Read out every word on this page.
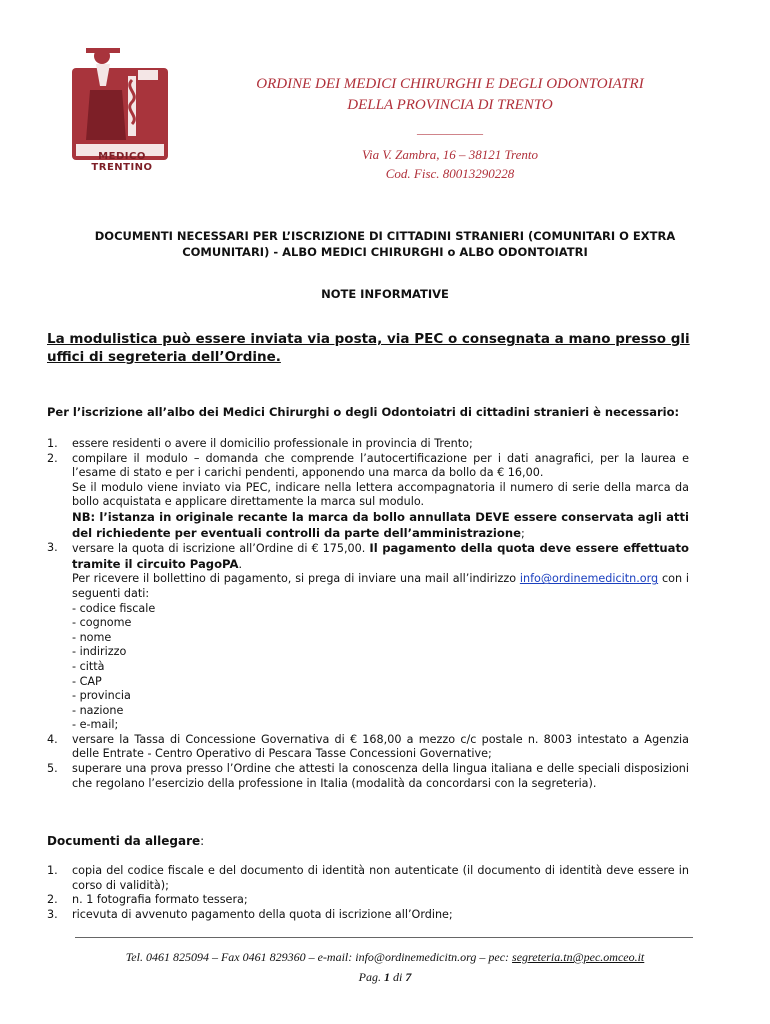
MEDICO TRENTINO
ORDINE DEI MEDICI CHIRURGHI E DEGLI ODONTOIATRI
DELLA PROVINCIA DI TRENTO
___________
Via V. Zambra, 16 – 38121 Trento
Cod. Fisc. 80013290228
DOCUMENTI NECESSARI PER L’ISCRIZIONE DI CITTADINI STRANIERI (COMUNITARI O EXTRA
COMUNITARI) - ALBO MEDICI CHIRURGHI o ALBO ODONTOIATRI
NOTE INFORMATIVE
La modulistica può essere inviata via posta, via PEC o consegnata a mano presso gli uffici di segreteria dell’Ordine.
Per l’iscrizione all’albo dei Medici Chirurghi o degli Odontoiatri di cittadini stranieri è necessario:
1. essere residenti o avere il domicilio professionale in provincia di Trento;
2. compilare il modulo – domanda che comprende l’autocertificazione per i dati anagrafici, per la laurea e l’esame di stato e per i carichi pendenti, apponendo una marca da bollo da € 16,00.
Se il modulo viene inviato via PEC, indicare nella lettera accompagnatoria il numero di serie della marca da bollo acquistata e applicare direttamente la marca sul modulo.
NB: l’istanza in originale recante la marca da bollo annullata DEVE essere conservata agli atti del richiedente per eventuali controlli da parte dell’amministrazione;
3. versare la quota di iscrizione all’Ordine di € 175,00. Il pagamento della quota deve essere effettuato tramite il circuito PagoPA.
Per ricevere il bollettino di pagamento, si prega di inviare una mail all’indirizzo info@ordinemedicitn.org con i seguenti dati:
- codice fiscale
- cognome
- nome
- indirizzo
- città
- CAP
- provincia
- nazione
- e-mail;
4. versare la Tassa di Concessione Governativa di € 168,00 a mezzo c/c postale n. 8003 intestato a Agenzia delle Entrate - Centro Operativo di Pescara Tasse Concessioni Governative;
5. superare una prova presso l’Ordine che attesti la conoscenza della lingua italiana e delle speciali disposizioni che regolano l’esercizio della professione in Italia (modalità da concordarsi con la segreteria).
Documenti da allegare:
1. copia del codice fiscale e del documento di identità non autenticate (il documento di identità deve essere in corso di validità);
2. n. 1 fotografia formato tessera;
3. ricevuta di avvenuto pagamento della quota di iscrizione all’Ordine;
Tel. 0461 825094 – Fax 0461 829360 – e-mail: info@ordinemedicitn.org – pec: segreteria.tn@pec.omceo.it
Pag. 1 di 7
